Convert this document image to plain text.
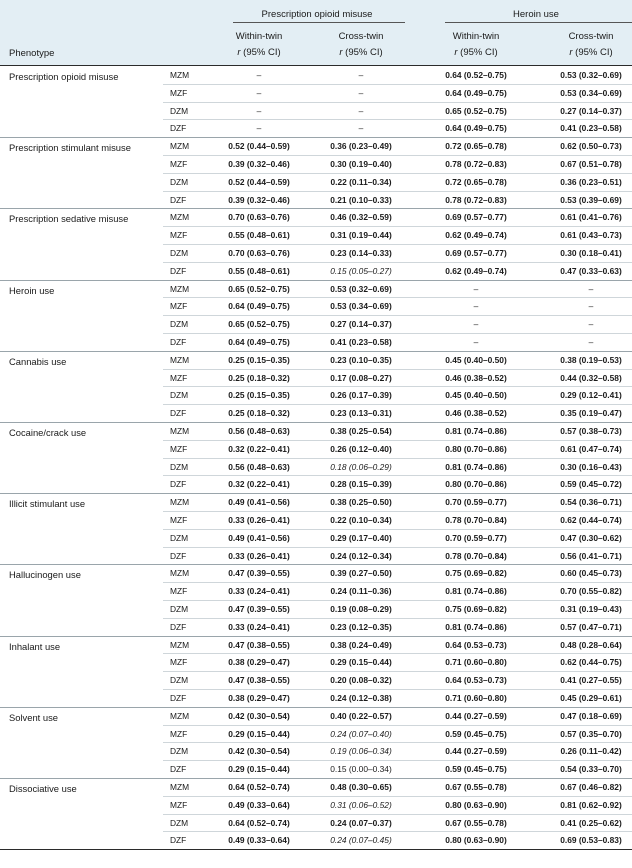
Prescription opioid misuse	Heroin use
Within-twin	Cross-twin	Within-twin	Cross-twin
r (95% CI)	r (95% CI)	r (95% CI)	r (95% CI)
Phenotype
Prescription opioid misuse	MZM	–	–	0.64 (0.52–0.75)	0.53 (0.32–0.69)
MZF	–	–	0.64 (0.49–0.75)	0.53 (0.34–0.69)
DZM	–	–	0.65 (0.52–0.75)	0.27 (0.14–0.37)
DZF	–	–	0.64 (0.49–0.75)	0.41 (0.23–0.58)
Prescription stimulant misuse	MZM	0.52 (0.44–0.59)	0.36 (0.23–0.49)	0.72 (0.65–0.78)	0.62 (0.50–0.73)
MZF	0.39 (0.32–0.46)	0.30 (0.19–0.40)	0.78 (0.72–0.83)	0.67 (0.51–0.78)
DZM	0.52 (0.44–0.59)	0.22 (0.11–0.34)	0.72 (0.65–0.78)	0.36 (0.23–0.51)
DZF	0.39 (0.32–0.46)	0.21 (0.10–0.33)	0.78 (0.72–0.83)	0.53 (0.39–0.69)
Prescription sedative misuse	MZM	0.70 (0.63–0.76)	0.46 (0.32–0.59)	0.69 (0.57–0.77)	0.61 (0.41–0.76)
MZF	0.55 (0.48–0.61)	0.31 (0.19–0.44)	0.62 (0.49–0.74)	0.61 (0.43–0.73)
DZM	0.70 (0.63–0.76)	0.23 (0.14–0.33)	0.69 (0.57–0.77)	0.30 (0.18–0.41)
DZF	0.55 (0.48–0.61)	0.15 (0.05–0.27)	0.62 (0.49–0.74)	0.47 (0.33–0.63)
Heroin use	MZM	0.65 (0.52–0.75)	0.53 (0.32–0.69)	–	–
MZF	0.64 (0.49–0.75)	0.53 (0.34–0.69)	–	–
DZM	0.65 (0.52–0.75)	0.27 (0.14–0.37)	–	–
DZF	0.64 (0.49–0.75)	0.41 (0.23–0.58)	–	–
Cannabis use	MZM	0.25 (0.15–0.35)	0.23 (0.10–0.35)	0.45 (0.40–0.50)	0.38 (0.19–0.53)
MZF	0.25 (0.18–0.32)	0.17 (0.08–0.27)	0.46 (0.38–0.52)	0.44 (0.32–0.58)
DZM	0.25 (0.15–0.35)	0.26 (0.17–0.39)	0.45 (0.40–0.50)	0.29 (0.12–0.41)
DZF	0.25 (0.18–0.32)	0.23 (0.13–0.31)	0.46 (0.38–0.52)	0.35 (0.19–0.47)
Cocaine/crack use	MZM	0.56 (0.48–0.63)	0.38 (0.25–0.54)	0.81 (0.74–0.86)	0.57 (0.38–0.73)
MZF	0.32 (0.22–0.41)	0.26 (0.12–0.40)	0.80 (0.70–0.86)	0.61 (0.47–0.74)
DZM	0.56 (0.48–0.63)	0.18 (0.06–0.29)	0.81 (0.74–0.86)	0.30 (0.16–0.43)
DZF	0.32 (0.22–0.41)	0.28 (0.15–0.39)	0.80 (0.70–0.86)	0.59 (0.45–0.72)
Illicit stimulant use	MZM	0.49 (0.41–0.56)	0.38 (0.25–0.50)	0.70 (0.59–0.77)	0.54 (0.36–0.71)
MZF	0.33 (0.26–0.41)	0.22 (0.10–0.34)	0.78 (0.70–0.84)	0.62 (0.44–0.74)
DZM	0.49 (0.41–0.56)	0.29 (0.17–0.40)	0.70 (0.59–0.77)	0.47 (0.30–0.62)
DZF	0.33 (0.26–0.41)	0.24 (0.12–0.34)	0.78 (0.70–0.84)	0.56 (0.41–0.71)
Hallucinogen use	MZM	0.47 (0.39–0.55)	0.39 (0.27–0.50)	0.75 (0.69–0.82)	0.60 (0.45–0.73)
MZF	0.33 (0.24–0.41)	0.24 (0.11–0.36)	0.81 (0.74–0.86)	0.70 (0.55–0.82)
DZM	0.47 (0.39–0.55)	0.19 (0.08–0.29)	0.75 (0.69–0.82)	0.31 (0.19–0.43)
DZF	0.33 (0.24–0.41)	0.23 (0.12–0.35)	0.81 (0.74–0.86)	0.57 (0.47–0.71)
Inhalant use	MZM	0.47 (0.38–0.55)	0.38 (0.24–0.49)	0.64 (0.53–0.73)	0.48 (0.28–0.64)
MZF	0.38 (0.29–0.47)	0.29 (0.15–0.44)	0.71 (0.60–0.80)	0.62 (0.44–0.75)
DZM	0.47 (0.38–0.55)	0.20 (0.08–0.32)	0.64 (0.53–0.73)	0.41 (0.27–0.55)
DZF	0.38 (0.29–0.47)	0.24 (0.12–0.38)	0.71 (0.60–0.80)	0.45 (0.29–0.61)
Solvent use	MZM	0.42 (0.30–0.54)	0.40 (0.22–0.57)	0.44 (0.27–0.59)	0.47 (0.18–0.69)
MZF	0.29 (0.15–0.44)	0.24 (0.07–0.40)	0.59 (0.45–0.75)	0.57 (0.35–0.70)
DZM	0.42 (0.30–0.54)	0.19 (0.06–0.34)	0.44 (0.27–0.59)	0.26 (0.11–0.42)
DZF	0.29 (0.15–0.44)	0.15 (0.00–0.34)	0.59 (0.45–0.75)	0.54 (0.33–0.70)
Dissociative use	MZM	0.64 (0.52–0.74)	0.48 (0.30–0.65)	0.67 (0.55–0.78)	0.67 (0.46–0.82)
MZF	0.49 (0.33–0.64)	0.31 (0.06–0.52)	0.80 (0.63–0.90)	0.81 (0.62–0.92)
DZM	0.64 (0.52–0.74)	0.24 (0.07–0.37)	0.67 (0.55–0.78)	0.41 (0.25–0.62)
DZF	0.49 (0.33–0.64)	0.24 (0.07–0.45)	0.80 (0.63–0.90)	0.69 (0.53–0.83)
